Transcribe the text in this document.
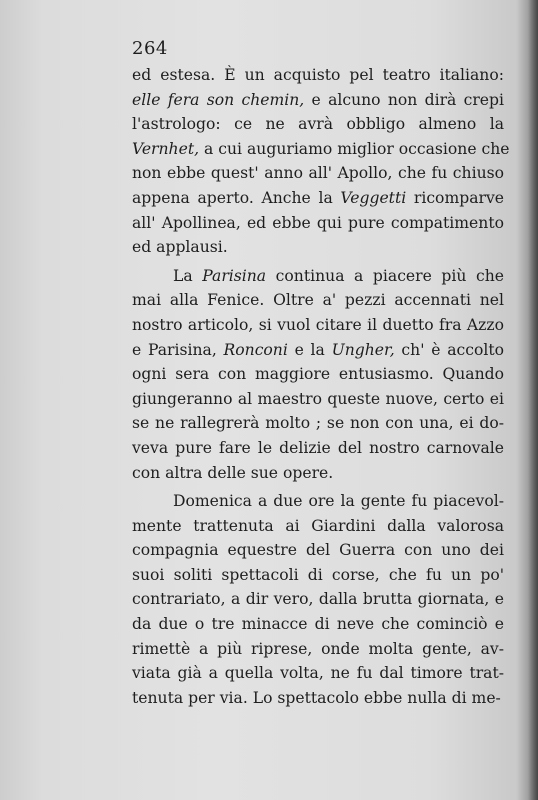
264
ed estesa. È un acquisto pel teatro italiano:
elle fera son chemin, e alcuno non dirà crepi
l'astrologo: ce ne avrà obbligo almeno la
Vernhet, a cui auguriamo miglior occasione che
non ebbe quest' anno all' Apollo, che fu chiuso
appena aperto. Anche la Veggetti ricomparve
all' Apollinea, ed ebbe qui pure compatimento
ed applausi.
La Parisina continua a piacere più che
mai alla Fenice. Oltre a' pezzi accennati nel
nostro articolo, si vuol citare il duetto fra Azzo
e Parisina, Ronconi e la Ungher, ch' è accolto
ogni sera con maggiore entusiasmo. Quando
giungeranno al maestro queste nuove, certo ei
se ne rallegrerà molto ; se non con una, ei do-
veva pure fare le delizie del nostro carnovale
con altra delle sue opere.
Domenica a due ore la gente fu piacevol-
mente trattenuta ai Giardini dalla valorosa
compagnia equestre del Guerra con uno dei
suoi soliti spettacoli di corse, che fu un po'
contrariato, a dir vero, dalla brutta giornata, e
da due o tre minacce di neve che cominciò e
rimettè a più riprese, onde molta gente, av-
viata già a quella volta, ne fu dal timore trat-
tenuta per via. Lo spettacolo ebbe nulla di me-
